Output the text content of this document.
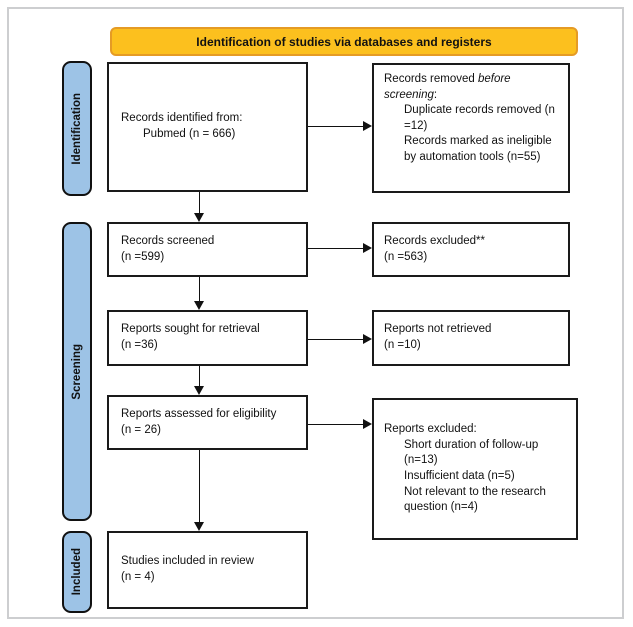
Identification of studies via databases and registers
Identification
Screening
Included
Records identified from:
Pubmed (n = 666)
Records screened
(n =599)
Reports sought for retrieval
(n =36)
Reports assessed for eligibility
(n = 26)
Studies included in review
(n = 4)
Records removed before screening:
Duplicate records removed (n =12)
Records marked as ineligible by automation tools (n=55)
Records excluded**
(n =563)
Reports not retrieved
(n =10)
Reports excluded:
Short duration of follow-up (n=13)
Insufficient data (n=5)
Not relevant to the research question (n=4)
